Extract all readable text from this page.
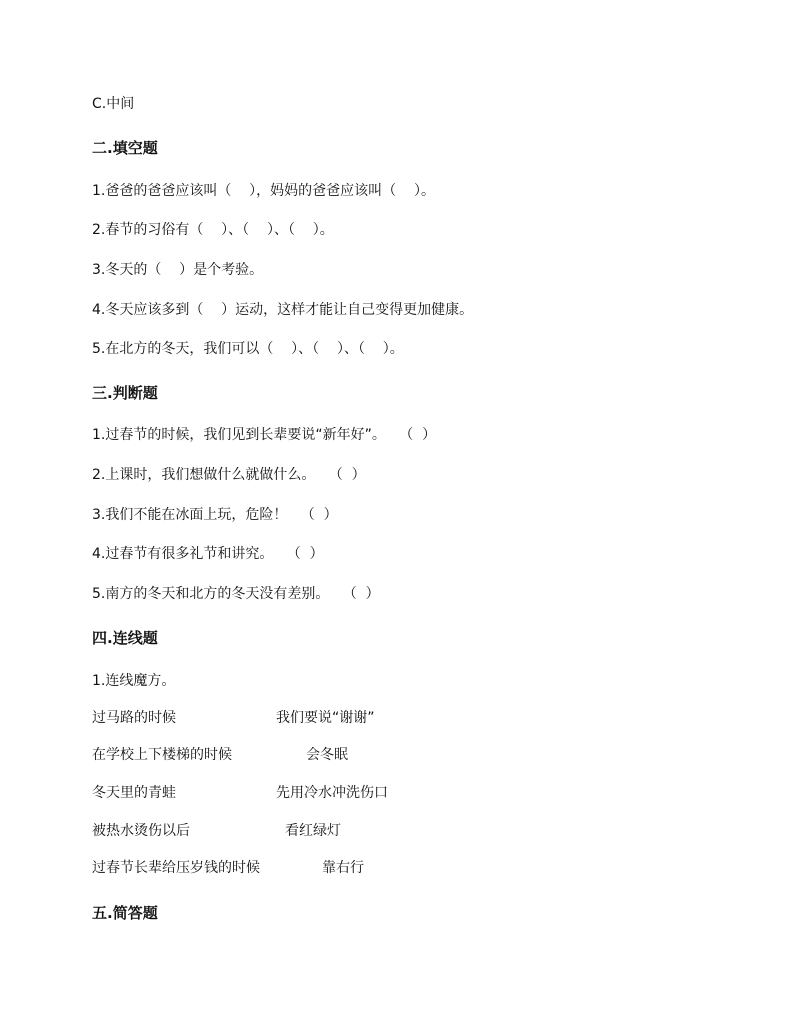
C.中间
二.填空题
1.爸爸的爸爸应该叫（    ），妈妈的爸爸应该叫（    ）。
2.春节的习俗有（    ）、（    ）、（    ）。
3.冬天的（    ）是个考验。
4.冬天应该多到（    ）运动，这样才能让自己变得更加健康。
5.在北方的冬天，我们可以（    ）、（    ）、（    ）。
三.判断题
1.过春节的时候，我们见到长辈要说“新年好”。   （  ）
2.上课时，我们想做什么就做什么。   （  ）
3.我们不能在冰面上玩，危险！   （  ）
4.过春节有很多礼节和讲究。   （  ）
5.南方的冬天和北方的冬天没有差别。   （  ）
四.连线题
1.连线魔方。
过马路的时候	我们要说“谢谢”
在学校上下楼梯的时候	会冬眠
冬天里的青蛙	先用冷水冲洗伤口
被热水烫伤以后	看红绿灯
过春节长辈给压岁钱的时候	靠右行
五.简答题
